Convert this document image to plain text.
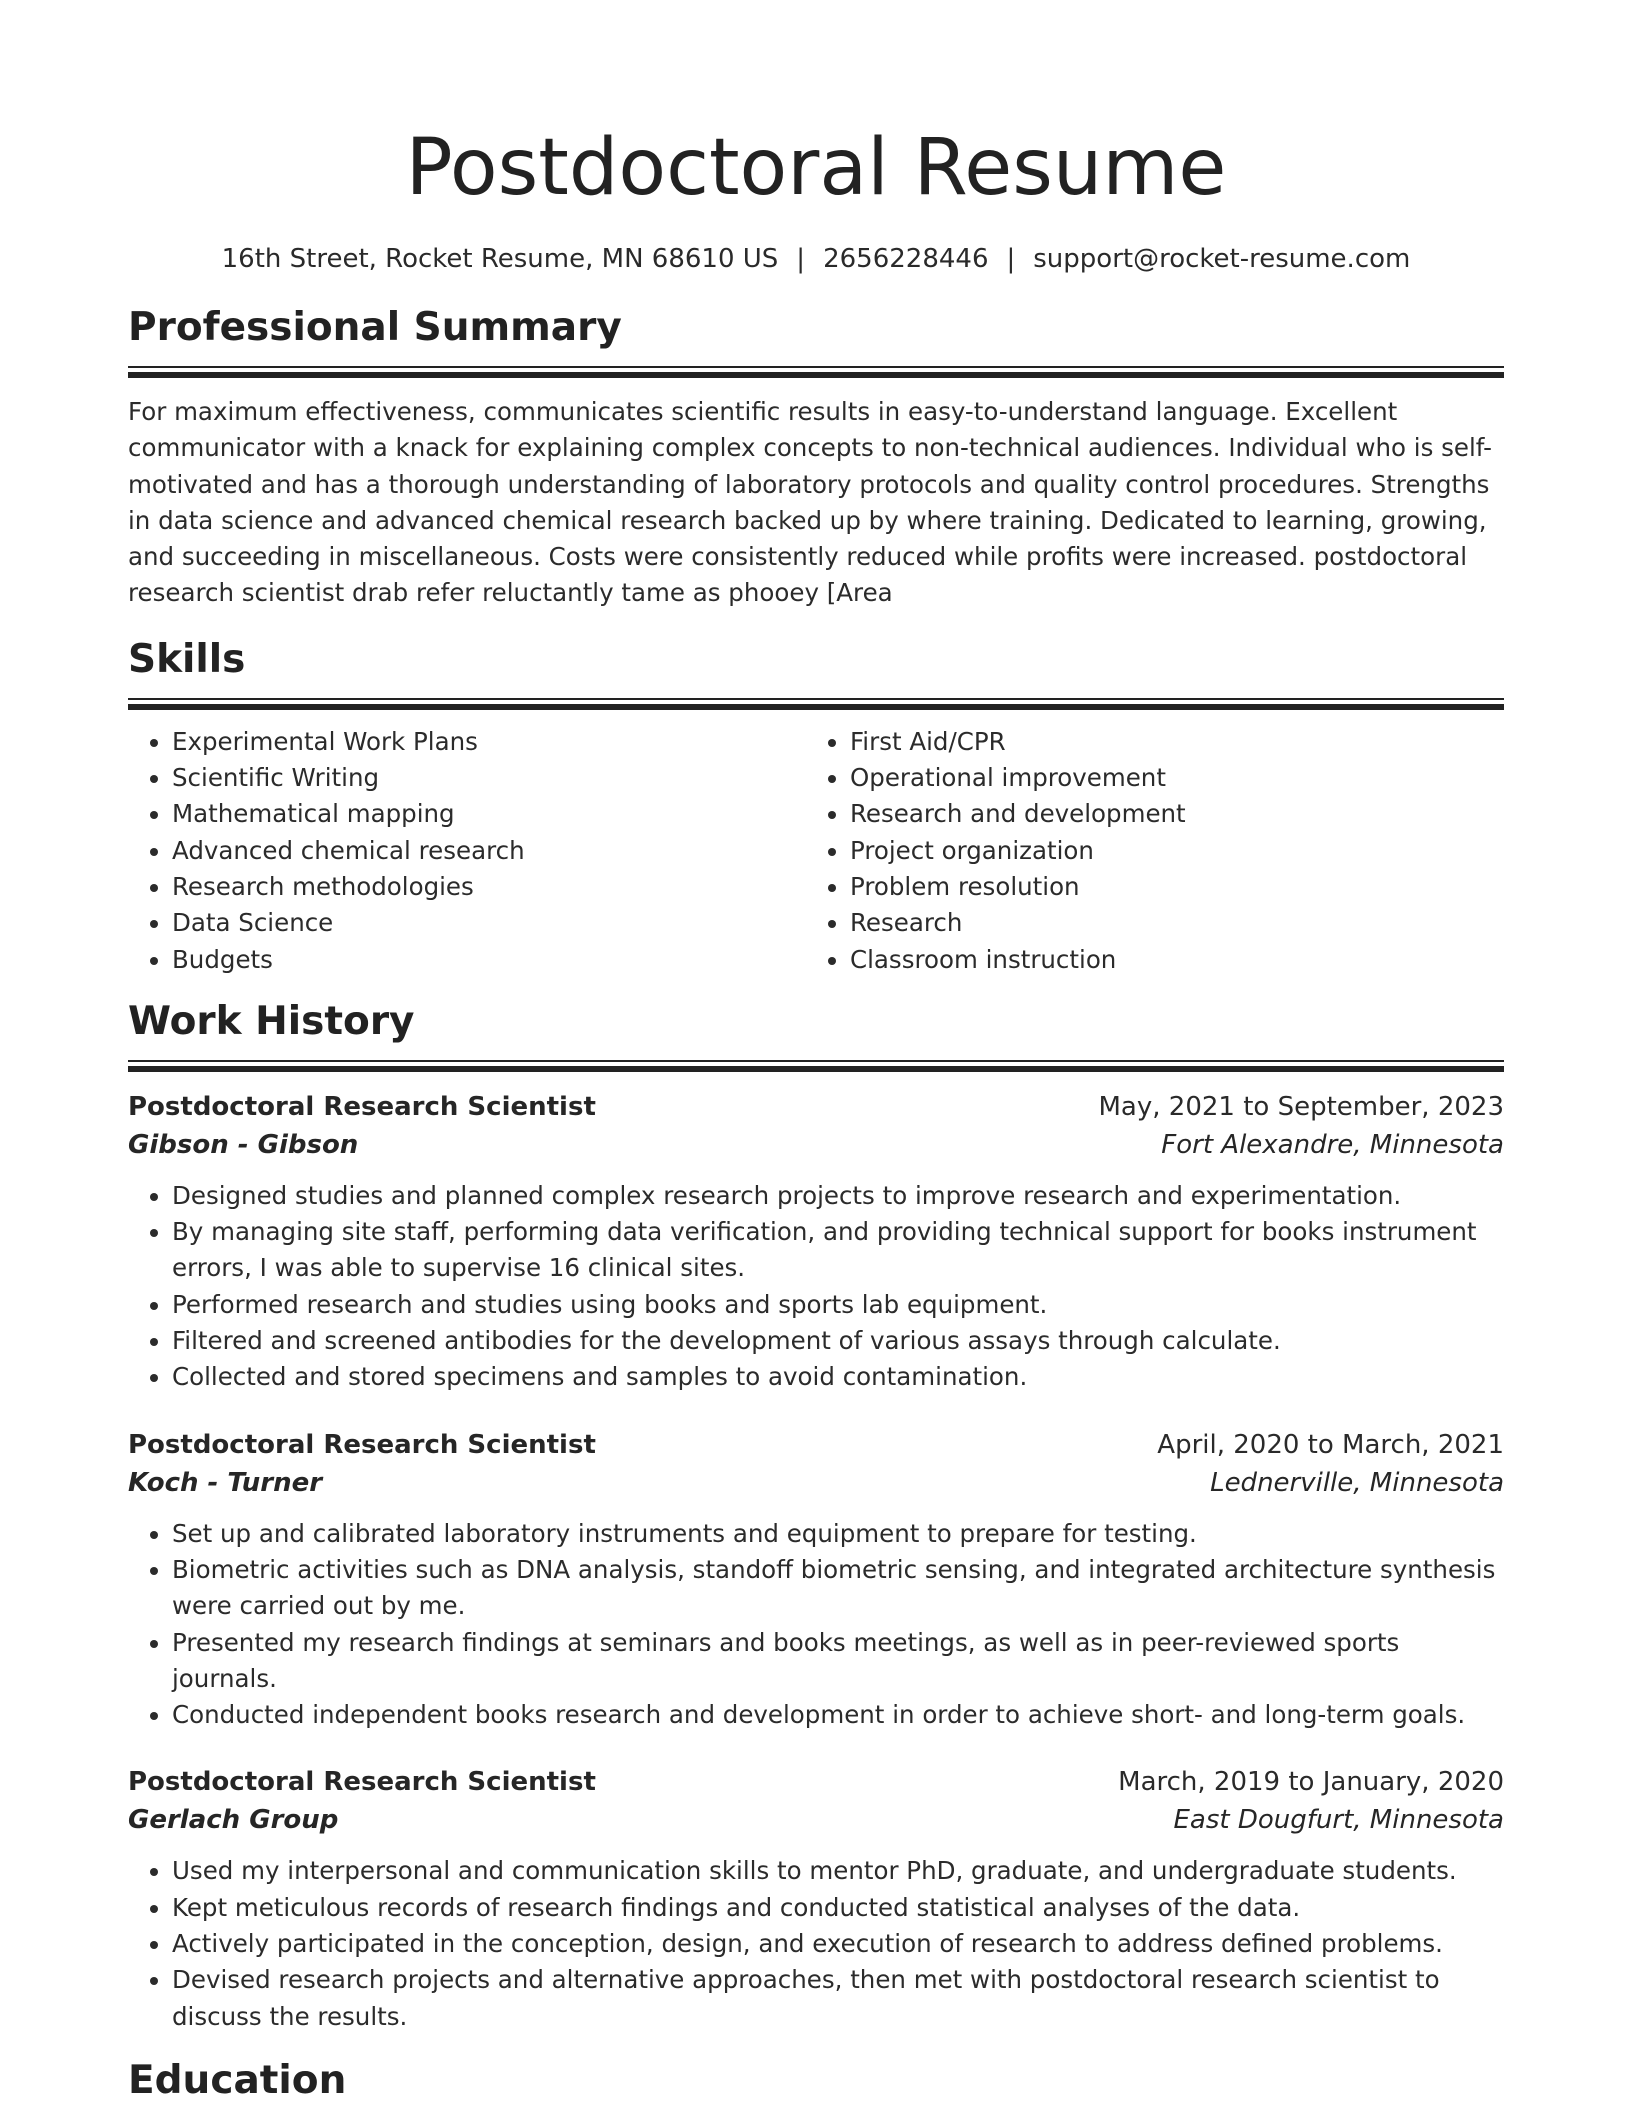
Postdoctoral Resume
16th Street, Rocket Resume, MN 68610 US | 2656228446 | support@rocket-resume.com
Professional Summary
For maximum effectiveness, communicates scientific results in easy-to-understand language. Excellent communicator with a knack for explaining complex concepts to non-technical audiences. Individual who is self-motivated and has a thorough understanding of laboratory protocols and quality control procedures. Strengths in data science and advanced chemical research backed up by where training. Dedicated to learning, growing, and succeeding in miscellaneous. Costs were consistently reduced while profits were increased. postdoctoral research scientist drab refer reluctantly tame as phooey [Area
Skills
• Experimental Work Plans
• Scientific Writing
• Mathematical mapping
• Advanced chemical research
• Research methodologies
• Data Science
• Budgets
• First Aid/CPR
• Operational improvement
• Research and development
• Project organization
• Problem resolution
• Research
• Classroom instruction
Work History
Postdoctoral Research Scientist	May, 2021 to September, 2023
Gibson - Gibson	Fort Alexandre, Minnesota
• Designed studies and planned complex research projects to improve research and experimentation.
• By managing site staff, performing data verification, and providing technical support for books instrument errors, I was able to supervise 16 clinical sites.
• Performed research and studies using books and sports lab equipment.
• Filtered and screened antibodies for the development of various assays through calculate.
• Collected and stored specimens and samples to avoid contamination.
Postdoctoral Research Scientist	April, 2020 to March, 2021
Koch - Turner	Lednerville, Minnesota
• Set up and calibrated laboratory instruments and equipment to prepare for testing.
• Biometric activities such as DNA analysis, standoff biometric sensing, and integrated architecture synthesis were carried out by me.
• Presented my research findings at seminars and books meetings, as well as in peer-reviewed sports journals.
• Conducted independent books research and development in order to achieve short- and long-term goals.
Postdoctoral Research Scientist	March, 2019 to January, 2020
Gerlach Group	East Dougfurt, Minnesota
• Used my interpersonal and communication skills to mentor PhD, graduate, and undergraduate students.
• Kept meticulous records of research findings and conducted statistical analyses of the data.
• Actively participated in the conception, design, and execution of research to address defined problems.
• Devised research projects and alternative approaches, then met with postdoctoral research scientist to discuss the results.
Education
